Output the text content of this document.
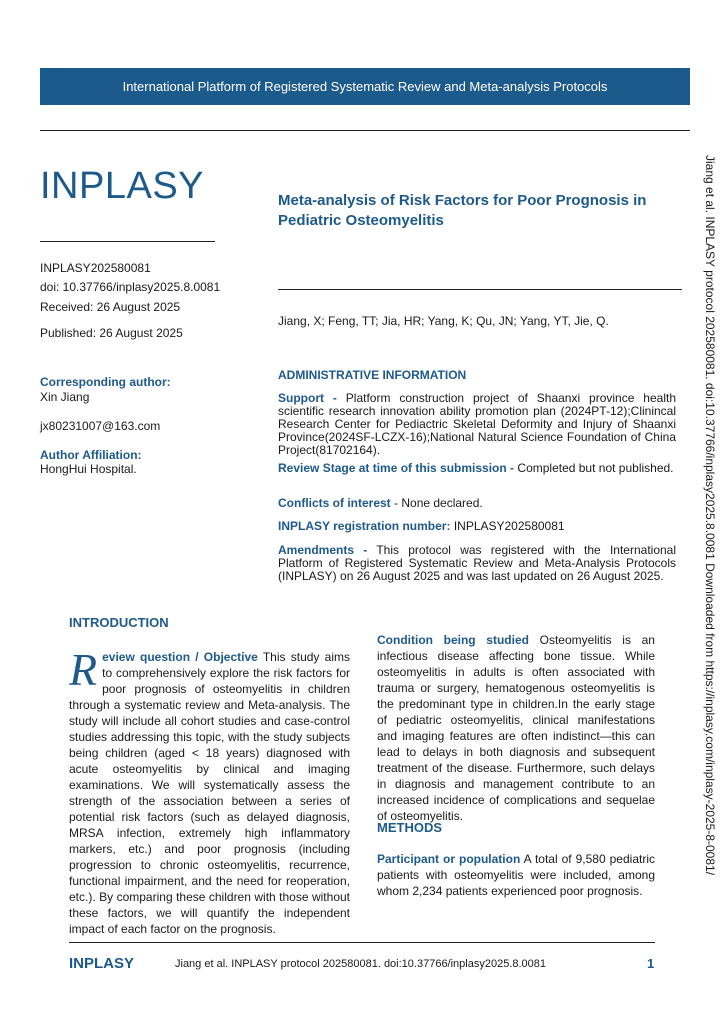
International Platform of Registered Systematic Review and Meta-analysis Protocols
INPLASY
INPLASY202580081
doi: 10.37766/inplasy2025.8.0081
Received: 26 August 2025
Published: 26 August 2025
Corresponding author:
Xin Jiang
jx80231007@163.com
Author Affiliation:
HongHui Hospital.
Meta-analysis of Risk Factors for Poor Prognosis in Pediatric Osteomyelitis
Jiang, X; Feng, TT; Jia, HR; Yang, K; Qu, JN; Yang, YT, Jie, Q.
ADMINISTRATIVE INFORMATION
Support - Platform construction project of Shaanxi province health scientific research innovation ability promotion plan (2024PT-12);Clinincal Research Center for Pediactric Skeletal Deformity and Injury of Shaanxi Province(2024SF-LCZX-16);National Natural Science Foundation of China Project(81702164).
Review Stage at time of this submission - Completed but not published.
Conflicts of interest - None declared.
INPLASY registration number: INPLASY202580081
Amendments - This protocol was registered with the International Platform of Registered Systematic Review and Meta-Analysis Protocols (INPLASY) on 26 August 2025 and was last updated on 26 August 2025.
INTRODUCTION
Review question / Objective This study aims to comprehensively explore the risk factors for poor prognosis of osteomyelitis in children through a systematic review and Meta-analysis. The study will include all cohort studies and case-control studies addressing this topic, with the study subjects being children (aged < 18 years) diagnosed with acute osteomyelitis by clinical and imaging examinations. We will systematically assess the strength of the association between a series of potential risk factors (such as delayed diagnosis, MRSA infection, extremely high inflammatory markers, etc.) and poor prognosis (including progression to chronic osteomyelitis, recurrence, functional impairment, and the need for reoperation, etc.). By comparing these children with those without these factors, we will quantify the independent impact of each factor on the prognosis.
Condition being studied Osteomyelitis is an infectious disease affecting bone tissue. While osteomyelitis in adults is often associated with trauma or surgery, hematogenous osteomyelitis is the predominant type in children.In the early stage of pediatric osteomyelitis, clinical manifestations and imaging features are often indistinct—this can lead to delays in both diagnosis and subsequent treatment of the disease. Furthermore, such delays in diagnosis and management contribute to an increased incidence of complications and sequelae of osteomyelitis.
METHODS
Participant or population A total of 9,580 pediatric patients with osteomyelitis were included, among whom 2,234 patients experienced poor prognosis.
Jiang et al. INPLASY protocol 202580081. doi:10.37766/inplasy2025.8.0081 Downloaded from https://inplasy.com/inplasy-2025-8-0081/
INPLASY	Jiang et al. INPLASY protocol 202580081. doi:10.37766/inplasy2025.8.0081	1
